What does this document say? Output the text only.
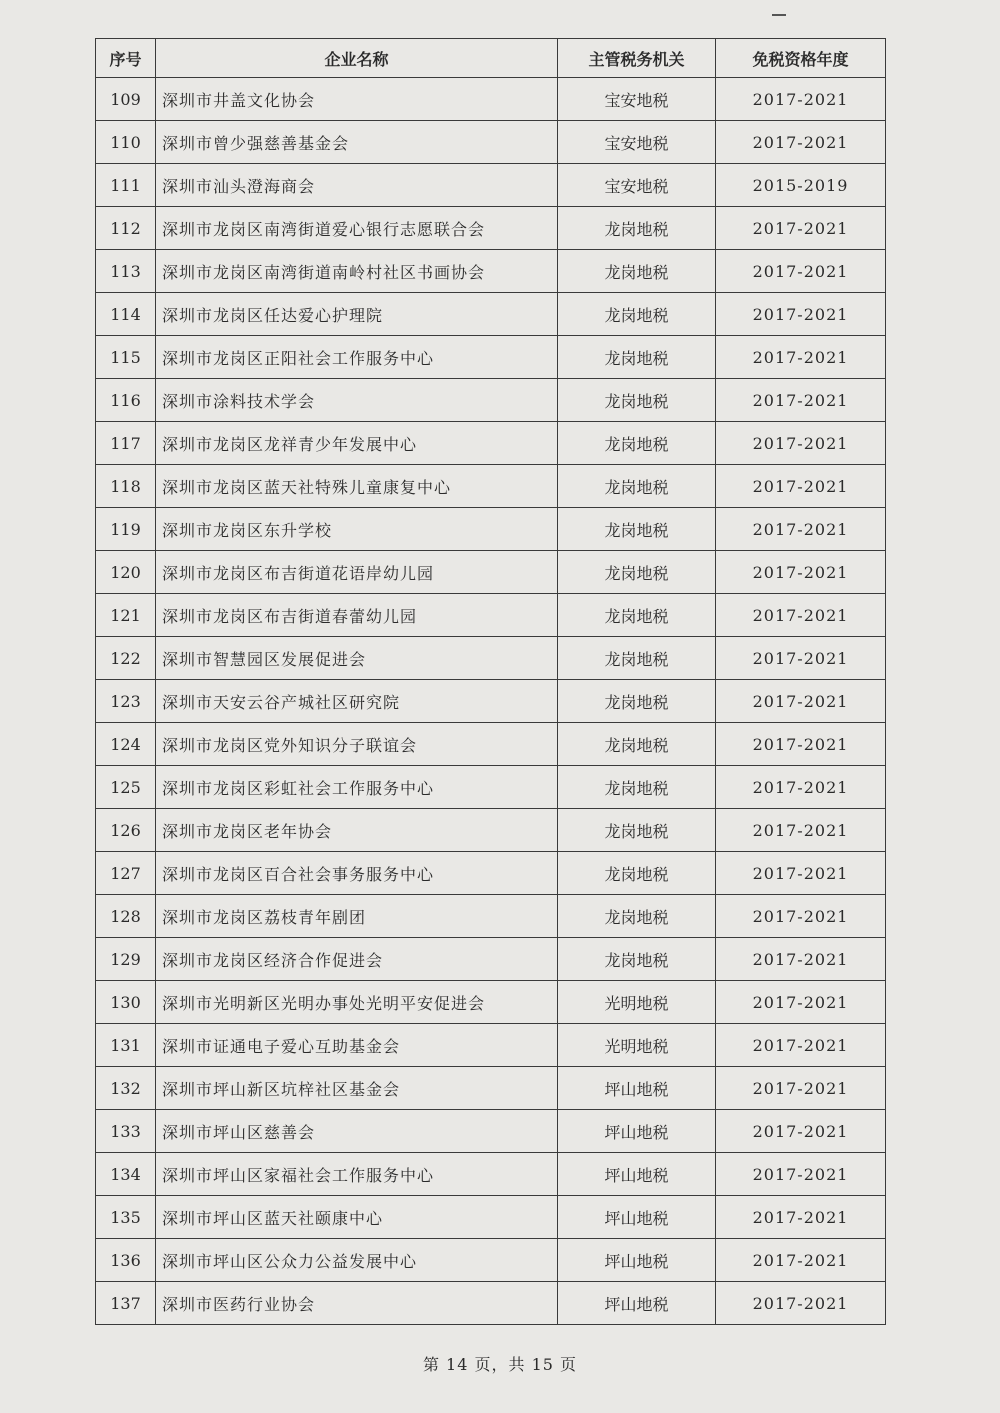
序号	企业名称	主管税务机关	免税资格年度
109	深圳市井盖文化协会	宝安地税	2017-2021
110	深圳市曾少强慈善基金会	宝安地税	2017-2021
111	深圳市汕头澄海商会	宝安地税	2015-2019
112	深圳市龙岗区南湾街道爱心银行志愿联合会	龙岗地税	2017-2021
113	深圳市龙岗区南湾街道南岭村社区书画协会	龙岗地税	2017-2021
114	深圳市龙岗区任达爱心护理院	龙岗地税	2017-2021
115	深圳市龙岗区正阳社会工作服务中心	龙岗地税	2017-2021
116	深圳市涂料技术学会	龙岗地税	2017-2021
117	深圳市龙岗区龙祥青少年发展中心	龙岗地税	2017-2021
118	深圳市龙岗区蓝天社特殊儿童康复中心	龙岗地税	2017-2021
119	深圳市龙岗区东升学校	龙岗地税	2017-2021
120	深圳市龙岗区布吉街道花语岸幼儿园	龙岗地税	2017-2021
121	深圳市龙岗区布吉街道春蕾幼儿园	龙岗地税	2017-2021
122	深圳市智慧园区发展促进会	龙岗地税	2017-2021
123	深圳市天安云谷产城社区研究院	龙岗地税	2017-2021
124	深圳市龙岗区党外知识分子联谊会	龙岗地税	2017-2021
125	深圳市龙岗区彩虹社会工作服务中心	龙岗地税	2017-2021
126	深圳市龙岗区老年协会	龙岗地税	2017-2021
127	深圳市龙岗区百合社会事务服务中心	龙岗地税	2017-2021
128	深圳市龙岗区荔枝青年剧团	龙岗地税	2017-2021
129	深圳市龙岗区经济合作促进会	龙岗地税	2017-2021
130	深圳市光明新区光明办事处光明平安促进会	光明地税	2017-2021
131	深圳市证通电子爱心互助基金会	光明地税	2017-2021
132	深圳市坪山新区坑梓社区基金会	坪山地税	2017-2021
133	深圳市坪山区慈善会	坪山地税	2017-2021
134	深圳市坪山区家福社会工作服务中心	坪山地税	2017-2021
135	深圳市坪山区蓝天社颐康中心	坪山地税	2017-2021
136	深圳市坪山区公众力公益发展中心	坪山地税	2017-2021
137	深圳市医药行业协会	坪山地税	2017-2021
第 14 页，共 15 页
